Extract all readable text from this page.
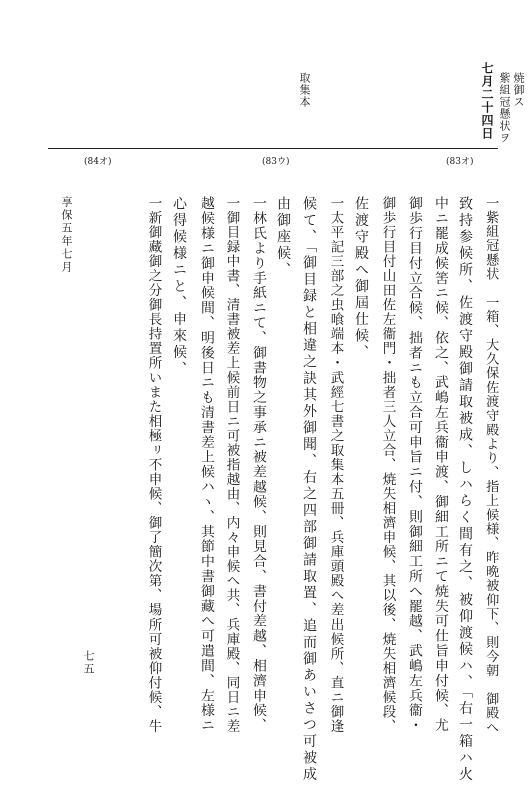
七月二十四日 紫組冠懸状ヲ 焼御ス
取集本
(83オ)
(83ウ)
(84オ)
一紫組冠懸状　一箱、大久保佐渡守殿より、指上候様、昨晩被仰下、則今朝　御殿へ
致持参候所、佐渡守殿御請取被成、しハらく間有之、被仰渡候ハ、「右一箱ハ火
中ニ罷成候筈ニ候、依之、武嶋左兵衞申渡、御細工所ニて焼失可仕旨申付候、尤
御歩行目付立合候、拙者ニも立合可申旨ニ付、則御細工所へ罷越、武嶋左兵衞・
御歩行目付山田佐左衞門・拙者三人立合、焼失相濟申候、其以後、焼失相濟候段、
佐渡守殿へ御屆仕候、
一太平記三部之虫喰端本・武經七書之取集本五冊、兵庫頭殿へ差出候所、直ニ御逢
候て、「御目録と相違之訣其外御聞、右之四部御請取置、追而御あいさつ可被成
由御座候、
一林氏より手紙ニて、御書物之事承ニ被差越候、則見合、書付差越、相濟申候、
一御目録中書、清書被差上候前日ニ可被指越由、内々申候へ共、兵庫殿、同日ニ差
越候様ニ御申候間、明後日ニも清書差上候ハヽ、其節中書御藏へ可遣間、左様ニ
心得候様ニと、申來候、
一新御藏御之分御長持置所いまた相極ㇼ不申候、御了簡次第、場所可被仰付候、牛
享保五年七月
七五
